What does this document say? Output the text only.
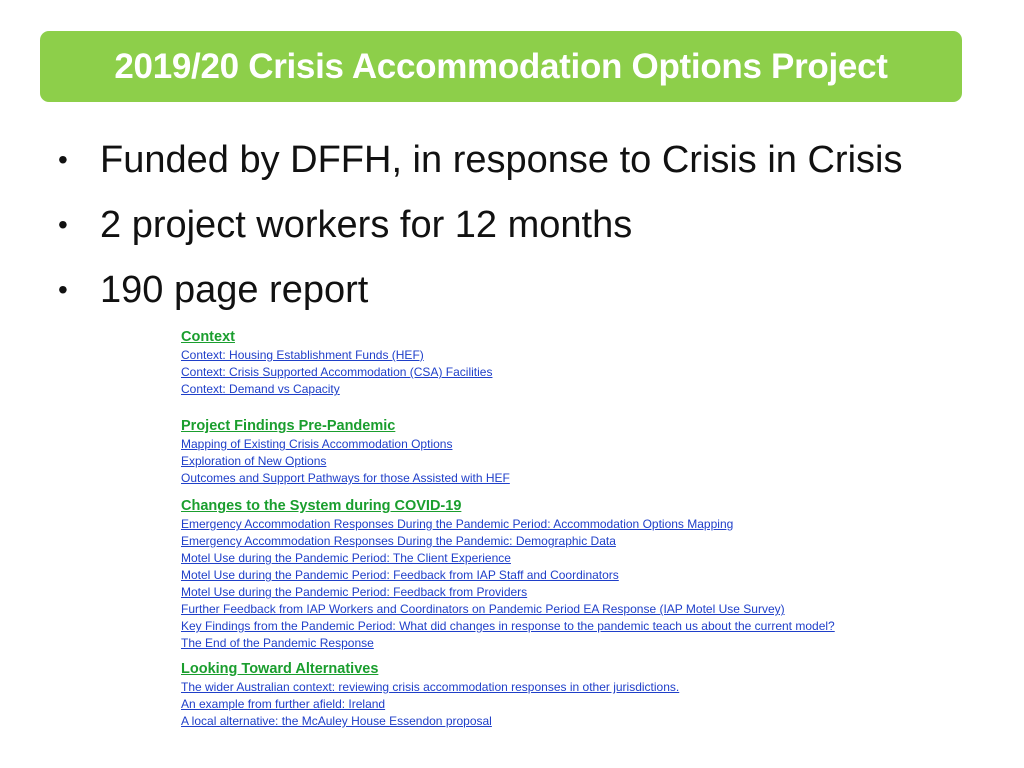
2019/20 Crisis Accommodation Options Project
• Funded by DFFH, in response to Crisis in Crisis
• 2 project workers for 12 months
• 190 page report
Context
Context: Housing Establishment Funds (HEF)
Context: Crisis Supported Accommodation (CSA) Facilities
Context: Demand vs Capacity
Project Findings Pre-Pandemic
Mapping of Existing Crisis Accommodation Options
Exploration of New Options
Outcomes and Support Pathways for those Assisted with HEF
Changes to the System during COVID-19
Emergency Accommodation Responses During the Pandemic Period: Accommodation Options Mapping
Emergency Accommodation Responses During the Pandemic: Demographic Data
Motel Use during the Pandemic Period: The Client Experience
Motel Use during the Pandemic Period: Feedback from IAP Staff and Coordinators
Motel Use during the Pandemic Period: Feedback from Providers
Further Feedback from IAP Workers and Coordinators on Pandemic Period EA Response (IAP Motel Use Survey)
Key Findings from the Pandemic Period: What did changes in response to the pandemic teach us about the current model?
The End of the Pandemic Response
Looking Toward Alternatives
The wider Australian context: reviewing crisis accommodation responses in other jurisdictions.
An example from further afield: Ireland
A local alternative: the McAuley House Essendon proposal
